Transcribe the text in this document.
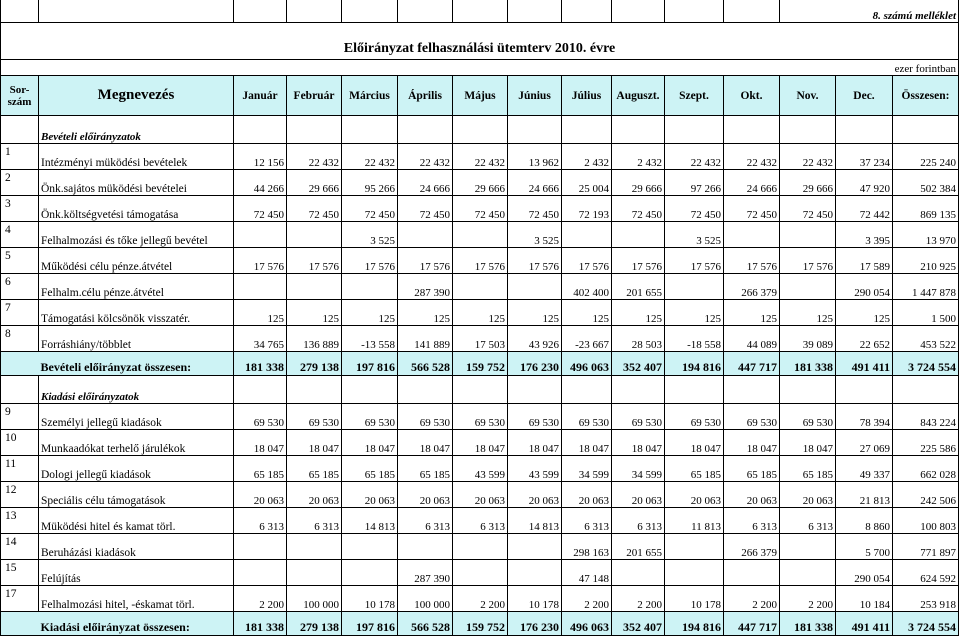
												8. számú melléklet		
Előirányzat felhasználási ütemterv 2010. évre														
ezer forintban														
Sor-
szám	Megnevezés	Január	Február	Március	Április	Május	Június	Július	Auguszt.	Szept.	Okt.	Nov.	Dec.	Összesen:
	Bevételi előirányzatok													
1	Intézményi müködési bevételek	12 156	22 432	22 432	22 432	22 432	13 962	2 432	2 432	22 432	22 432	22 432	37 234	225 240
2	Önk.sajátos müködési bevételei	44 266	29 666	95 266	24 666	29 666	24 666	25 004	29 666	97 266	24 666	29 666	47 920	502 384
3	Önk.költségvetési támogatása	72 450	72 450	72 450	72 450	72 450	72 450	72 193	72 450	72 450	72 450	72 450	72 442	869 135
4	Felhalmozási és tőke jellegű bevétel			3 525			3 525			3 525			3 395	13 970
5	Működési célu pénze.átvétel	17 576	17 576	17 576	17 576	17 576	17 576	17 576	17 576	17 576	17 576	17 576	17 589	210 925
6	Felhalm.célu pénze.átvétel				287 390			402 400	201 655		266 379		290 054	1 447 878
7	Támogatási kölcsönök visszatér.	125	125	125	125	125	125	125	125	125	125	125	125	1 500
8	Forráshiány/többlet	34 765	136 889	-13 558	141 889	17 503	43 926	-23 667	28 503	-18 558	44 089	39 089	22 652	453 522
	Bevételi előirányzat összesen:	181 338	279 138	197 816	566 528	159 752	176 230	496 063	352 407	194 816	447 717	181 338	491 411	3 724 554
	Kiadási előirányzatok													
9	Személyi jellegű kiadások	69 530	69 530	69 530	69 530	69 530	69 530	69 530	69 530	69 530	69 530	69 530	78 394	843 224
10	Munkaadókat terhelő járulékok	18 047	18 047	18 047	18 047	18 047	18 047	18 047	18 047	18 047	18 047	18 047	27 069	225 586
11	Dologi jellegű kiadások	65 185	65 185	65 185	65 185	43 599	43 599	34 599	34 599	65 185	65 185	65 185	49 337	662 028
12	Speciális célu támogatások	20 063	20 063	20 063	20 063	20 063	20 063	20 063	20 063	20 063	20 063	20 063	21 813	242 506
13	Müködési hitel és kamat törl.	6 313	6 313	14 813	6 313	6 313	14 813	6 313	6 313	11 813	6 313	6 313	8 860	100 803
14	Beruházási kiadások							298 163	201 655		266 379		5 700	771 897
15	Felújítás				287 390			47 148					290 054	624 592
17	Felhalmozási hitel, -éskamat törl.	2 200	100 000	10 178	100 000	2 200	10 178	2 200	2 200	10 178	2 200	2 200	10 184	253 918
	Kiadási előirányzat összesen:	181 338	279 138	197 816	566 528	159 752	176 230	496 063	352 407	194 816	447 717	181 338	491 411	3 724 554
